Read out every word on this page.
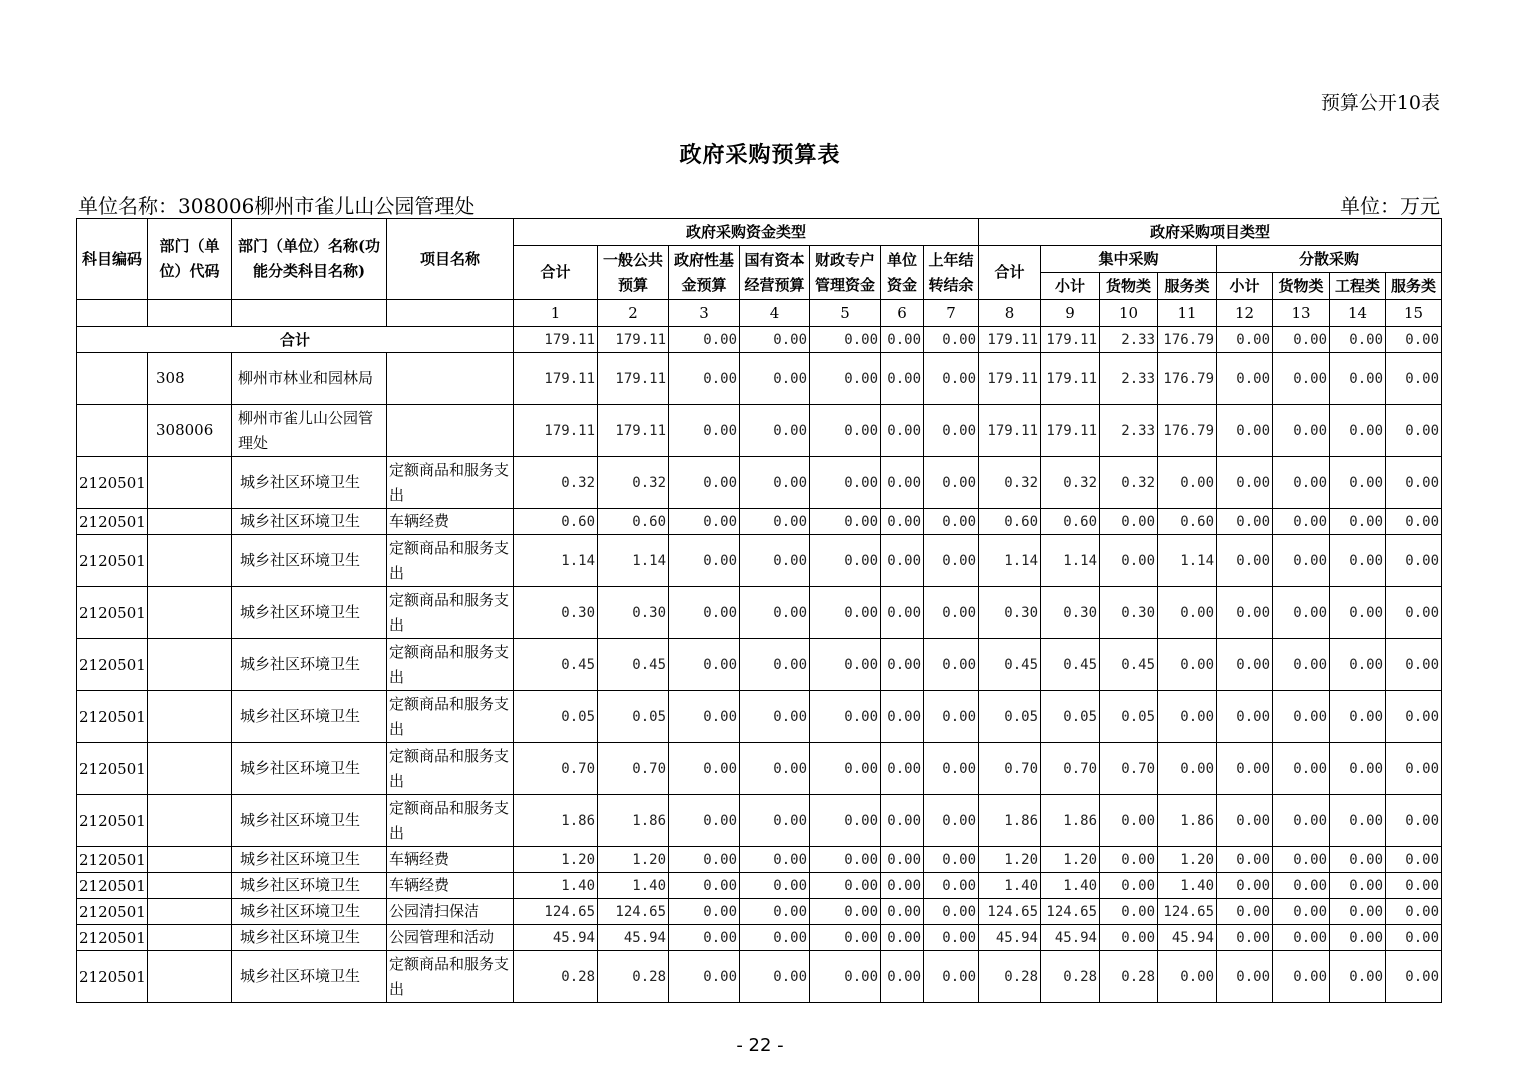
预算公开10表
政府采购预算表
单位名称：308006柳州市雀儿山公园管理处	单位：万元
科目编码	部门（单位）代码	部门（单位）名称(功能分类科目名称)	项目名称	政府采购资金类型							政府采购项目类型							
				合计	一般公共预算	政府性基金预算	国有资本经营预算	财政专户管理资金	单位资金	上年结转结余	合计	集中采购			分散采购			
												小计	货物类	服务类	小计	货物类	工程类	服务类
				1	2	3	4	5	6	7	8	9	10	11	12	13	14	15
合计				179.11	179.11	0.00	0.00	0.00	0.00	0.00	179.11	179.11	2.33	176.79	0.00	0.00	0.00	0.00
	308	柳州市林业和园林局		179.11	179.11	0.00	0.00	0.00	0.00	0.00	179.11	179.11	2.33	176.79	0.00	0.00	0.00	0.00
	308006	柳州市雀儿山公园管理处		179.11	179.11	0.00	0.00	0.00	0.00	0.00	179.11	179.11	2.33	176.79	0.00	0.00	0.00	0.00
2120501		城乡社区环境卫生	定额商品和服务支出	0.32	0.32	0.00	0.00	0.00	0.00	0.00	0.32	0.32	0.32	0.00	0.00	0.00	0.00	0.00
2120501		城乡社区环境卫生	车辆经费	0.60	0.60	0.00	0.00	0.00	0.00	0.00	0.60	0.60	0.00	0.60	0.00	0.00	0.00	0.00
2120501		城乡社区环境卫生	定额商品和服务支出	1.14	1.14	0.00	0.00	0.00	0.00	0.00	1.14	1.14	0.00	1.14	0.00	0.00	0.00	0.00
2120501		城乡社区环境卫生	定额商品和服务支出	0.30	0.30	0.00	0.00	0.00	0.00	0.00	0.30	0.30	0.30	0.00	0.00	0.00	0.00	0.00
2120501		城乡社区环境卫生	定额商品和服务支出	0.45	0.45	0.00	0.00	0.00	0.00	0.00	0.45	0.45	0.45	0.00	0.00	0.00	0.00	0.00
2120501		城乡社区环境卫生	定额商品和服务支出	0.05	0.05	0.00	0.00	0.00	0.00	0.00	0.05	0.05	0.05	0.00	0.00	0.00	0.00	0.00
2120501		城乡社区环境卫生	定额商品和服务支出	0.70	0.70	0.00	0.00	0.00	0.00	0.00	0.70	0.70	0.70	0.00	0.00	0.00	0.00	0.00
2120501		城乡社区环境卫生	定额商品和服务支出	1.86	1.86	0.00	0.00	0.00	0.00	0.00	1.86	1.86	0.00	1.86	0.00	0.00	0.00	0.00
2120501		城乡社区环境卫生	车辆经费	1.20	1.20	0.00	0.00	0.00	0.00	0.00	1.20	1.20	0.00	1.20	0.00	0.00	0.00	0.00
2120501		城乡社区环境卫生	车辆经费	1.40	1.40	0.00	0.00	0.00	0.00	0.00	1.40	1.40	0.00	1.40	0.00	0.00	0.00	0.00
2120501		城乡社区环境卫生	公园清扫保洁	124.65	124.65	0.00	0.00	0.00	0.00	0.00	124.65	124.65	0.00	124.65	0.00	0.00	0.00	0.00
2120501		城乡社区环境卫生	公园管理和活动	45.94	45.94	0.00	0.00	0.00	0.00	0.00	45.94	45.94	0.00	45.94	0.00	0.00	0.00	0.00
2120501		城乡社区环境卫生	定额商品和服务支出	0.28	0.28	0.00	0.00	0.00	0.00	0.00	0.28	0.28	0.28	0.00	0.00	0.00	0.00	0.00
- 22 -
